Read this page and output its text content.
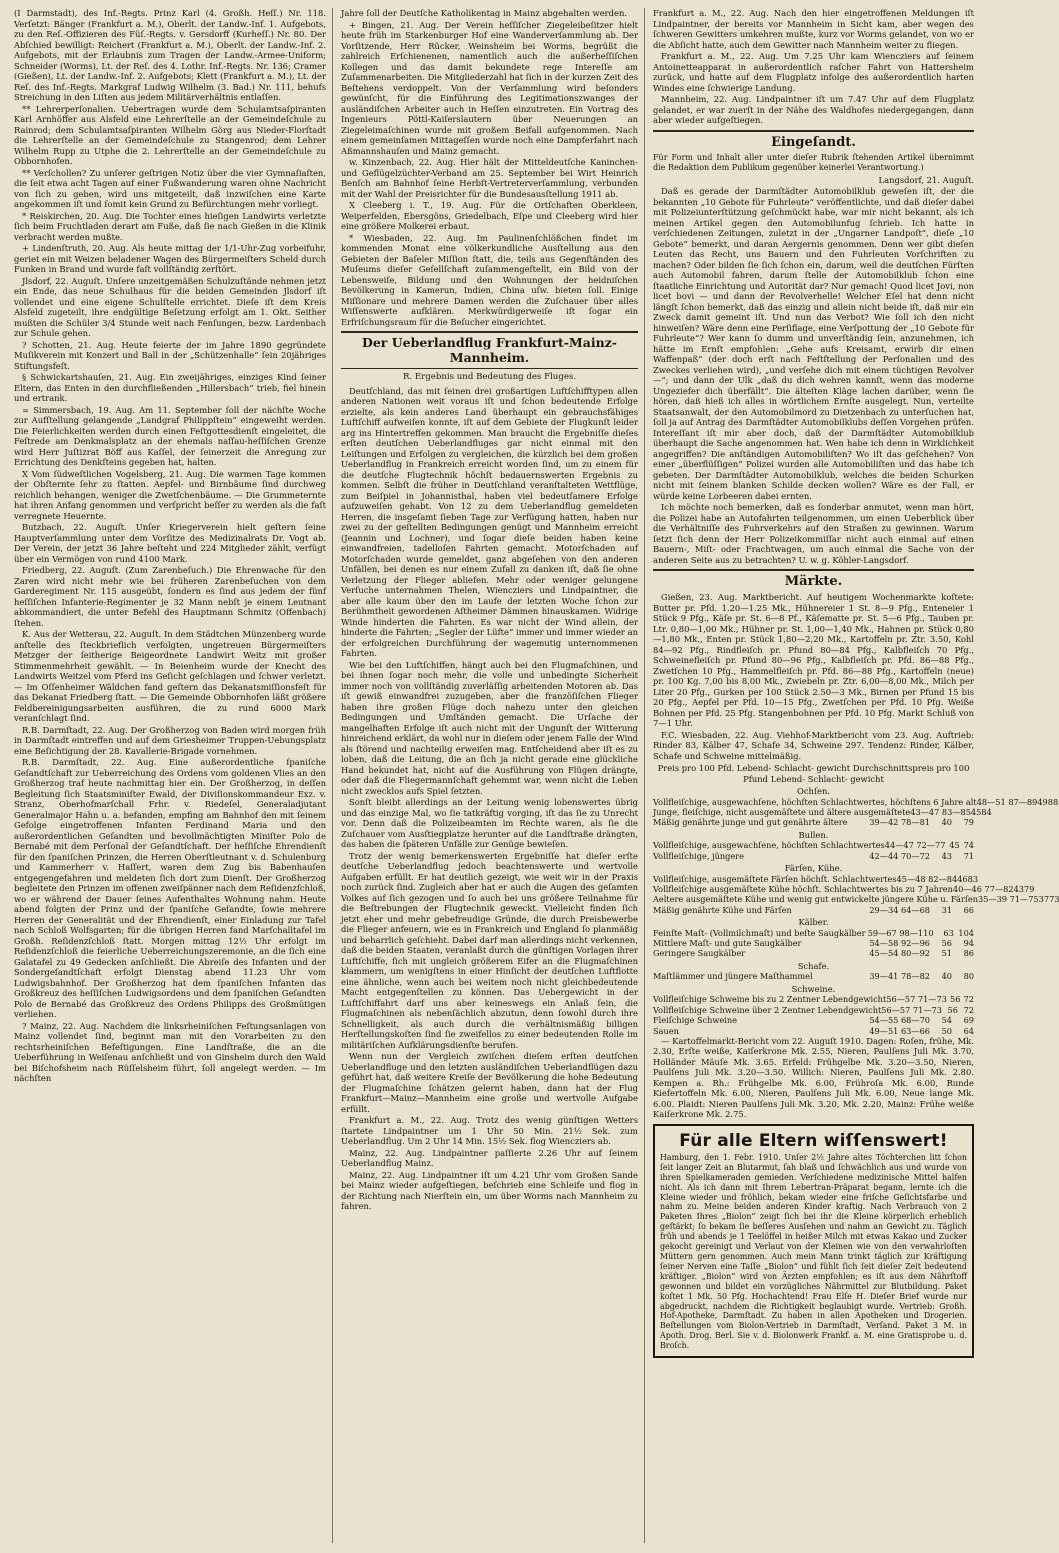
(I Darmstadt), des Inf.-Regts. Prinz Karl (4. Großh. Heſſ.) Nr. 118. Verſetzt: Bänger (Frankfurt a. M.), Oberlt. der Landw.-Inf. 1. Aufgebots, zu den Reſ.-Offizieren des Füſ.-Regts. v. Gersdorff (Kurheſſ.) Nr. 80. Der Abſchied bewilligt: Reichert (Frankfurt a. M.), Oberlt. der Landw.-Inf. 2. Aufgebots, mit der Erlaubnis zum Tragen der Landw.-Armee-Uniform; Schneider (Worms), Lt. der Reſ. des 4. Lothr. Inf.-Regts. Nr. 136; Cramer (Gießen), Lt. der Landw.-Inf. 2. Aufgebots; Klett (Frankfurt a. M.), Lt. der Reſ. des Inf.-Regts. Markgraf Ludwig Wilhelm (3. Bad.) Nr. 111, behufs Streichung in den Liſten aus jedem Militärverhältnis entlaſſen.

** Lehrerperſonalien. Uebertragen wurde dem Schulamtsaſpiranten Karl Arnhöffer aus Alsfeld eine Lehrerſtelle an der Gemeindeſchule zu Rainrod; dem Schulamtsaſpiranten Wilhelm Görg aus Nieder-Florſtadt die Lehrerſtelle an der Gemeindeſchule zu Stangenrod; dem Lehrer Wilhelm Rupp zu Utphe die 2. Lehrerſtelle an der Gemeindeſchule zu Obbornhofen.

** Verſchollen? Zu unſerer geſtrigen Notiz über die vier Gymnaſiaſten, die ſeit etwa acht Tagen auf einer Fußwanderung waren ohne Nachricht von ſich zu geben, wird uns mitgeteilt, daß inzwiſchen eine Karte angekommen iſt und ſomit kein Grund zu Befürchtungen mehr vorliegt.

* Reiskirchen, 20. Aug. Die Tochter eines hieſigen Landwirts verletzte ſich beim Fruchtladen derart am Fuße, daß ſie nach Gießen in die Klinik verbracht werden mußte.

+ Lindenſtruth, 20. Aug. Als heute mittag der 1/1-Uhr-Zug vorbeifuhr, geriet ein mit Weizen beladener Wagen des Bürgermeiſters Scheld durch Funken in Brand und wurde faſt vollſtändig zerſtört.

Jlsdorf, 22. Auguſt. Unſere unzeitgemäßen Schulzuſtände nehmen jetzt ein Ende, das neue Schulhaus für die beiden Gemeinden Jlsdorf iſt vollendet und eine eigene Schulſtelle errichtet. Dieſe iſt dem Kreis Alsfeld zugeteilt, ihre endgültige Beſetzung erfolgt am 1. Okt. Seither mußten die Schüler 3/4 Stunde weit nach Fenſungen, bezw. Lardenbach zur Schule gehen.

? Schotten, 21. Aug. Heute feierte der im Jahre 1890 gegründete Muſikverein mit Konzert und Ball in der „Schützenhalle“ ſein 20jähriges Stiftungsfeſt.

§ Schwickartshauſen, 21. Aug. Ein zweijähriges, einziges Kind ſeiner Eltern, das Enten in den durchfließenden „Hillersbach“ trieb, fiel hinein und ertrank.

= Simmersbach, 19. Aug. Am 11. September ſoll der nächſte Woche zur Aufſtellung gelangende „Landgraf Philippſtein“ eingeweiht werden. Die Feierlichkeiten werden durch einen Feſtgottesdienſt eingeleitet, die Feſtrede am Denkmalsplatz an der ehemals naſſau-heſſiſchen Grenze wird Herr Juſtizrat Böff aus Kaſſel, der ſeinerzeit die Anregung zur Errichtung des Denkſteins gegeben hat, halten.

X Vom ſüdweſtlichen Vogelsberg, 21. Aug. Die warmen Tage kommen der Obſternte ſehr zu ſtatten. Aepfel- und Birnbäume ſind durchweg reichlich behangen, weniger die Zwetſchenbäume. — Die Grummeternte hat ihren Anfang genommen und verſpricht beſſer zu werden als die faſt verregnete Heuernte.

Butzbach, 22. Auguſt. Unſer Kriegerverein hielt geſtern ſeine Hauptverſammlung unter dem Vorſitze des Medizinalrats Dr. Vogt ab. Der Verein, der jetzt 36 Jahre beſteht und 224 Mitglieder zählt, verfügt über ein Vermögen von rund 4100 Mark.

Friedberg, 22. Auguſt. (Zum Zarenbeſuch.) Die Ehrenwache für den Zaren wird nicht mehr wie bei früheren Zarenbeſuchen von dem Garderegiment Nr. 115 ausgeübt, ſondern es ſind aus jedem der fünf heſſiſchen Infanterie-Regimenter je 32 Mann nebſt je einem Leutnant abkommandiert, die unter Befehl des Hauptmann Schmitz (Offenbach) ſtehen.

K. Aus der Wetterau, 22. Auguſt. In dem Städtchen Münzenberg wurde anſtelle des ſteckbrieflich verfolgten, ungetreuen Bürgermeiſters Metzger der ſeitherige Beigeordnete Landwirt Weitz mit großer Stimmenmehrheit gewählt. — In Beienheim wurde der Knecht des Landwirts Weitzel vom Pferd ins Geſicht geſchlagen und ſchwer verletzt. — Im Oſſenheimer Wäldchen fand geſtern das Dekanatsmiſſionsfeſt für das Dekanat Friedberg ſtatt. — Die Gemeinde Obbornhofen läßt größere Feldbereinigungsarbeiten ausführen, die zu rund 6000 Mark veranſchlagt ſind.

R.B. Darmſtadt, 22. Aug. Der Großherzog von Baden wird morgen früh in Darmſtadt eintreffen und auf dem Griesheimer Truppen-Uebungsplatz eine Beſichtigung der 28. Kavallerie-Brigade vornehmen.

R.B. Darmſtadt, 22. Aug. Eine außerordentliche ſpaniſche Geſandtſchaft zur Ueberreichung des Ordens vom goldenen Vlies an den Großherzog traf heute nachmittag hier ein. Der Großherzog, in deſſen Begleitung ſich Staatsminiſter Ewald, der Diviſionskommandeur Exz. v. Stranz, Oberhofmarſchall Frhr. v. Riedeſel, Generaladjutant Generalmajor Hahn u. a. befanden, empfing am Bahnhof den mit ſeinem Gefolge eingetroffenen Infanten Ferdinand Maria und den außerordentlichen Geſandten und bevollmächtigten Miniſter Polo de Bernabé mit dem Perſonal der Geſandtſchaft. Der heſſiſche Ehrendienſt für den ſpaniſchen Prinzen, die Herren Oberſtleutnant v. d. Schulenburg und Kammerherr v. Haſſert, waren dem Zug bis Babenhauſen entgegengefahren und meldeten ſich dort zum Dienſt. Der Großherzog begleitete den Prinzen im offenen zweiſpänner nach dem Reſidenzſchloß, wo er während der Dauer ſeines Aufenthaltes Wohnung nahm. Heute abend folgten der Prinz und der ſpaniſche Geſandte, ſowie mehrere Herren der Generalität und der Ehrendienſt, einer Einladung zur Tafel nach Schloß Wolfsgarten; für die übrigen Herren fand Marſchalltafel im Großh. Reſidenzſchloß ſtatt. Morgen mittag 12½ Uhr erfolgt im Reſidenzſchloß die feierliche Ueberreichungszeremonie, an die ſich eine Galatafel zu 49 Gedecken anſchließt. Die Abreiſe des Infanten und der Sondergeſandtſchaft erfolgt Dienstag abend 11.23 Uhr vom Ludwigsbahnhof. Der Großherzog hat dem ſpaniſchen Infanten das Großkreuz des heſſiſchen Ludwigsordens und dem ſpaniſchen Geſandten Polo de Bernabé das Großkreuz des Ordens Philipps des Großmütigen verliehen.

? Mainz, 22. Aug. Nachdem die linksrheiniſchen Feſtungsanlagen von Mainz vollendet ſind, beginnt man mit den Vorarbeiten zu den rechtsrheiniſchen Befeſtigungen. Eine Landſtraße, die an die Ueberführung in Weiſenau anſchließt und von Ginsheim durch den Wald bei Biſchofsheim nach Rüſſelsheim führt, ſoll angelegt werden. — Im nächſten

Jahre ſoll der Deutſche Katholikentag in Mainz abgehalten werden.

+ Bingen, 21. Aug. Der Verein heſſiſcher Ziegeleibeſitzer hielt heute früh im Starkenburger Hof eine Wanderverſammlung ab. Der Vorſitzende, Herr Rücker, Weinsheim bei Worms, begrüßt die zahlreich Erſchienenen, namentlich auch die außerheſſiſchen Kollegen und das damit bekundete rege Intereſſe am Zuſammenarbeiten. Die Mitgliederzahl hat ſich in der kurzen Zeit des Beſtehens verdoppelt. Von der Verſammlung wird beſonders gewünſcht, für die Einführung des Legitimationszwanges der ausländiſchen Arbeiter auch in Heſſen einzutreten. Ein Vortrag des Ingenieurs Pöttl-Kaiſerslautern über Neuerungen an Ziegeleimaſchinen wurde mit großem Beifall aufgenommen. Nach einem gemeinſamen Mittageſſen wurde noch eine Dampferfahrt nach Aßmannshauſen und Mainz gemacht.

w. Kinzenbach, 22. Aug. Hier hält der Mitteldeutſche Kaninchen- und Geflügelzüchter-Verband am 25. September bei Wirt Heinrich Benſch am Bahnhof ſeine Herbſt-Vertreterverſammlung, verbunden mit der Wahl der Preisrichter für die Bundesausſtellung 1911 ab.

X Cleeberg i. T., 19. Aug. Für die Ortſchaften Oberkleen, Weiperfelden, Ebersgöns, Griedelbach, Eſpe und Cleeberg wird hier eine größere Molkerei erbaut.

* Wiesbaden, 22. Aug. Im Paulinenſchlößchen findet im kommenden Monat eine völkerkundliche Ausſtellung aus den Gebieten der Baſeler Miſſion ſtatt, die, teils aus Gegenſtänden des Muſeums dieſer Geſellſchaft zuſammengeſtellt, ein Bild von der Lebensweiſe, Bildung und den Wohnungen der heidniſchen Bevölkerung in Kamerun, Indien, China uſw. bieten ſoll. Einige Miſſionare und mehrere Damen werden die Zuſchauer über alles Wiſſenswerte aufklären. Merkwürdigerweiſe iſt ſogar ein Erfriſchungsraum für die Beſucher eingerichtet.

Der Ueberlandflug Frankfurt-Mainz-Mannheim.
R. Ergebnis und Bedeutung des Fluges.

Deutſchland, das mit ſeinen drei großartigen Luftſchifftypen allen anderen Nationen weit voraus iſt und ſchon bedeutende Erfolge erzielte, als kein anderes Land überhaupt ein gebrauchsfähiges Luftſchiff aufweiſen konnte, iſt auf dem Gebiete der Flugkunſt leider arg ins Hintertreffen gekommen. Man braucht die Ergebniſſe dieſes erſten deutſchen Ueberlandfluges gar nicht einmal mit den Leiſtungen und Erfolgen zu vergleichen, die kürzlich bei dem großen Ueberlandflug in Frankreich erreicht worden ſind, um zu einem für die deutſche Flugtechnik höchſt bedauernswerten Ergebnis zu kommen. Selbſt die früher in Deutſchland veranſtalteten Wettflüge, zum Beiſpiel in Johannisthal, haben viel bedeutſamere Erfolge aufzuweiſen gehabt. Von 12 zu dem Ueberlandflug gemeldeten Herren, die insgeſamt ſieben Tage zur Verfügung hatten, haben nur zwei zu der geſtellten Bedingungen genügt und Mannheim erreicht (Jeannin und Lochner), und ſogar dieſe beiden haben keine einwandfreien, tadelloſen Fahrten gemacht. Motorſchaden auf Motorſchaden wurde gemeldet, ganz abgeſehen von den anderen Unfällen, bei denen es nur einem Zufall zu danken iſt, daß ſie ohne Verletzung der Flieger abliefen. Mehr oder weniger gelungene Verſuche unternahmen Thelen, Wiencziers und Lindpaintner, die aber alle kaum über den im Laufe der letzten Woche ſchon zur Berühmtheit gewordenen Aſtheimer Dämmen hinauskamen. Widrige Winde hinderten die Fahrten. Es war nicht der Wind allein, der hinderte die Fahrten; „Segler der Lüfte“ immer und immer wieder an der erfolgreichen Durchführung der wagemutig unternommenen Fahrten.

Wie bei den Luftſchiffen, hängt auch bei den Flugmaſchinen, und bei ihnen ſogar noch mehr, die volle und unbedingte Sicherheit immer noch von vollſtändig zuverläſſig arbeitenden Motoren ab. Das iſt gewiß einwandfrei zuzugeben, aber die franzöſiſchen Flieger haben ihre großen Flüge doch nahezu unter den gleichen Bedingungen und Umſtänden gemacht. Die Urſache der mangelhaften Erfolge iſt auch nicht mit der Ungunſt der Witterung hinreichend erklärt, da wohl nur in dieſem oder jenem Falle der Wind als ſtörend und nachteilig erweiſen mag. Entſcheidend aber iſt es zu loben, daß die Leitung, die an ſich ja nicht gerade eine glückliche Hand bekundet hat, nicht auf die Ausführung von Flügen drängte, oder daß die Fliegermannſchaft gehemmt war, wenn nicht die Leben nicht zwecklos aufs Spiel ſetzten.

Sonſt bleibt allerdings an der Leitung wenig lobenswertes übrig und das einzige Mal, wo ſie tatkräftig vorging, iſt das ſie zu Unrecht vor. Denn daß die Polizeibeamten im Rechte waren, als ſie die Zuſchauer vom Ausſtiegplatze herunter auf die Landſtraße drängten, das haben die ſpäteren Unfälle zur Genüge bewieſen.

Trotz der wenig bemerkenswerten Ergebniſſe hat dieſer erſte deutſche Ueberlandflug jedoch beachtenswerte und wertvolle Aufgaben erfüllt. Er hat deutlich gezeigt, wie weit wir in der Praxis noch zurück ſind. Zugleich aber hat er auch die Augen des geſamten Volkes auf ſich gezogen und ſo auch bei uns größere Teilnahme für die Beſtrebungen der Flugtechnik geweckt. Vielleicht finden ſich jetzt eher und mehr gebefreudige Gründe, die durch Preisbewerbe die Flieger anfeuern, wie es in Frankreich und England ſo planmäßig und beharrlich geſchieht. Dabei darf man allerdings nicht verkennen, daß die beiden Staaten, veranlaßt durch die günſtigen Vorlagen ihrer Luftſchiffe, ſich mit ungleich größerem Eifer an die Flugmaſchinen klammern, um wenigſtens in einer Hinſicht der deutſchen Luftflotte eine ähnliche, wenn auch bei weitem noch nicht gleichbedeutende Macht entgegenſtellen zu können. Das Uebergewicht in der Luftſchiffahrt darf uns aber keineswegs ein Anlaß ſein, die Flugmaſchinen als nebenſächlich abzutun, denn ſowohl durch ihre Schnelligkeit, als auch durch die verhältnismäßig billigen Herſtellungskoſten ſind ſie zweifellos zu einer bedeutenden Rolle im militäriſchen Aufklärungsdienſte berufen.

Wenn nun der Vergleich zwiſchen dieſem erſten deutſchen Ueberlandfluge und den letzten ausländiſchen Ueberlandflügen dazu geführt hat, daß weitere Kreiſe der Bevölkerung die hohe Bedeutung der Flugmaſchine ſchätzen gelernt haben, dann hat der Flug Frankfurt—Mainz—Mannheim eine große und wertvolle Aufgabe erfüllt.

Frankfurt a. M., 22. Aug. Trotz des wenig günſtigen Wetters ſtartete Lindpaintner um 1 Uhr 50 Min. 21½ Sek. zum Ueberlandflug. Um 2 Uhr 14 Min. 15½ Sek. flog Wiencziers ab.

Mainz, 22. Aug. Lindpaintner paſſierte 2.26 Uhr auf ſeinem Ueberlandflug Mainz.

Mainz, 22. Aug. Lindpaintner iſt um 4.21 Uhr vom Großen Sande bei Mainz wieder aufgeſtiegen, beſchrieb eine Schleife und flog in der Richtung nach Nierſtein ein, um über Worms nach Mannheim zu fahren.

Frankfurt a. M., 22. Aug. Nach den hier eingetroffenen Meldungen iſt Lindpaintner, der bereits vor Mannheim in Sicht kam, aber wegen des ſchweren Gewitters umkehren mußte, kurz vor Worms gelandet, von wo er die Abſicht hatte, auch dem Gewitter nach Mannheim weiter zu fliegen.

Frankfurt a. M., 22. Aug. Um 7.25 Uhr kam Wiencziers auf ſeinem Antoinetteapparat in außerordentlich raſcher Fahrt von Hattersheim zurück, und hatte auf dem Flugplatz infolge des außerordentlich harten Windes eine ſchwierige Landung.

Mannheim, 22. Aug. Lindpaintner iſt um 7.47 Uhr auf dem Flugplatz gelandet, er war zuerſt in der Nähe des Waldhofes niedergegangen, dann aber wieder aufgeſtiegen.

Eingeſandt.

Für Form und Inhalt aller unter dieſer Rubrik ſtehenden Artikel übernimmt die Redaktion dem Publikum gegenüber keinerlei Verantwortung.)

Langsdorf, 21. Auguſt.

Daß es gerade der Darmſtädter Automobilklub geweſen iſt, der die bekannten „10 Gebote für Fuhrleute“ veröffentlichte, und daß dieſer dabei mit Polizeiunterſtützung geſchmückt habe, war mir nicht bekannt, als ich meinen Artikel gegen den Automobilunfug ſchrieb. Ich hatte in verſchiedenen Zeitungen, zuletzt in der „Ungarner Landpoſt“, dieſe „10 Gebote“ bemerkt, und daran Aergernis genommen. Denn wer gibt dieſen Leuten das Recht, uns Bauern und den Fuhrleuten Vorſchriften zu machen? Oder bilden ſie ſich ſchon ein, darum, weil die deutſchen Fürſten auch Automobil fahren, darum ſtelle der Automobilklub ſchon eine ſtaatliche Einrichtung und Autorität dar? Nur gemach! Quod licet Jovi, non licet bovi — und dann der Revolverhelle! Welcher Eſel hat denn nicht längſt ſchon bemerkt, daß das einzig und allein nicht beide iſt, daß mir ein Zweck damit gemeint iſt. Und nun das Verbot? Wie ſoll ich den nicht hinweiſen? Wäre denn eine Perſiflage, eine Verſpottung der „10 Gebote für Fuhrleute“? Wer kann ſo dumm und unverſtändig ſein, anzunehmen, ich hätte im Ernſt empfohlen: „Gehe aufs Kreisamt, erwirb dir einen Waffenpaß“ (der doch erſt nach Feſtſtellung der Perſonalien und des Zweckes verliehen wird), „und verſehe dich mit einem tüchtigen Revolver —“; und dann der Ulk „daß du dich wehren kannſt, wenn das moderne Ungeziefer dich überfällt“. Die älteſten Kläge lachen darüber, wenn ſie hören, daß hieß ich alles in wörtlichem Ernſte ausgelegt. Nun, verteilte Staatsanwalt, der den Automobilmord zu Dietzenbach zu unterſuchen hat, ſoll ja auf Antrag des Darmſtädter Automobilklubs deſſen Vorgehen prüfen. Intereſſant iſt mir aber doch, daß der Darmſtädter Automobilklub überhaupt die Sache angenommen hat. Wen habe ich denn in Wirklichkeit angegriffen? Die anſtändigen Automobiliſten? Wo iſt das geſchehen? Von einer „überflüſſigen“ Polizei wurden alle Automobiliſten und das habe ich gebeten. Der Darmſtädter Automobilklub, welches die beiden Schurken nicht mit ſeinem blanken Schilde decken wollen? Wäre es der Fall, er würde keine Lorbeeren dabei ernten.

Ich möchte noch bemerken, daß es ſonderbar anmutet, wenn man hört, die Polizei habe an Autofahrten teilgenommen, um einen Ueberblick über die Verhältniſſe des Fuhrverkehrs auf den Straßen zu gewinnen. Warum ſetzt ſich denn der Herr Polizeikommiſſar nicht auch einmal auf einen Bauern-, Miſt- oder Frachtwagen, um auch einmal die Sache von der anderen Seite aus zu betrachten? U. w. g. Köhler-Langsdorf.

Märkte.

Gießen, 23. Aug. Marktbericht. Auf heutigem Wochenmarkte koſtete: Butter pr. Pfd. 1.20—1.25 Mk., Hühnereier 1 St. 8—9 Pfg., Enteneier 1 Stück 9 Pfg., Käſe pr. St. 6—8 Pf., Käſematte pr. St. 5—6 Pfg., Tauben pr. Ltr. 0,80—1,00 Mk., Hühner pr. St. 1,00—1,40 Mk., Hahnen pr. Stück 0,80—1,80 Mk., Enten pr. Stück 1,80—2,20 Mk., Kartoffeln pr. Ztr. 3.50, Kohl 84—92 Pfg., Rindfleiſch pr. Pfund 80—84 Pfg., Kalbfleiſch 70 Pfg., Schweinefleiſch pr. Pfund 80—96 Pfg., Kalbfleiſch pr. Pfd. 86—88 Pfg., Zwetſchen 10 Pfg., Hammelfleiſch pr. Pfd. 86—88 Pfg., Kartoffeln (neue) pr. 100 Kg. 7,00 bis 8,00 Mk., Zwiebeln pr. Ztr. 6,00—8,00 Mk., Milch per Liter 20 Pfg., Gurken per 100 Stück 2.50—3 Mk., Birnen per Pfund 15 bis 20 Pfg., Aepfel per Pfd. 10—15 Pfg., Zwetſchen per Pfd. 10 Pfg. Weiße Bohnen per Pfd. 25 Pfg. Stangenbohnen per Pfd. 10 Pfg. Markt Schluß von 7—1 Uhr.

F.C. Wiesbaden, 22. Aug. Viehhof-Marktbericht vom 23. Aug. Auftrieb: Rinder 83, Kälber 47, Schafe 34, Schweine 297. Tendenz: Rinder, Kälber, Schafe und Schweine mittelmäßig.

Preis pro 100 Pfd. Lebend- Schlacht- gewicht Durchschnittspreis pro 100 Pfund Lebend- Schlacht- gewicht
Ochſen.
Vollfleiſchige, ausgewachſene, höchſten Schlachtwertes, höchſtens 6 Jahre alt 48—51 87—89 49 88
Junge, fleiſchige, nicht ausgemäſtete und ältere ausgemäſtete 43—47 83—85 45 84
Mäßig genährte junge und gut genährte ältere	39—42 78—81	40	79
Bullen.
Vollfleiſchige, ausgewachſene, höchſten Schlachtwertes 44—47 72—77 45 74
Vollfleiſchige, jüngere	42—44 70—72	43	71
Färſen, Kühe.
Vollfleiſchige, ausgemäſtete Färſen höchſt. Schlachtwertes 45—48 82—84 46 83
Vollfleiſchige ausgemäſtete Kühe höchſt. Schlachtwertes bis zu 7 Jahren 40—46 77—82 43 79
Aeltere ausgemäſtete Kühe und wenig gut entwickelte jüngere Kühe u. Färſen 35—39 71—75 37 73
Mäßig genährte Kühe und Färſen	29—34 64—68	31	66
Kälber.
Feinſte Maſt- (Vollmilchmaſt) und beſte Saugkälber 59—67 98—110	63 104
Mittlere Maſt- und gute Saugkälber	54—58 92—96	56	94
Geringere Saugkälber	45—54 80—92	51	86
Schafe.
Maſtlämmer und jüngere Maſthammel	39—41 78—82	40	80
Schweine.
Vollfleiſchige Schweine bis zu 2 Zentner Lebendgewicht 56—57 71—73 56 72
Vollfleiſchige Schweine über 2 Zentner Lebendgewicht 56—57 71—73 56 72
Fleiſchige Schweine	54—55 68—70	54	69
Sauen	49—51 63—66	50	64

— Kartoffelmarkt-Bericht vom 22. Auguſt 1910. Dagen: Roſen, frühe, Mk. 2.30, Erſte weiße, Kaiſerkrone Mk. 2.55, Nieren, Paulſens Juli Mk. 3.70, Holländer Mäuſe Mk. 3.65. Erfeld: Frühgelbe Mk. 3.20—3.50, Nieren, Paulſens Juli Mk. 3.20—3.50. Willich: Nieren, Paulſens Juli Mk. 2.80. Kempen a. Rh.: Frühgelbe Mk. 6.00, Frühroſa Mk. 6.00, Runde Kiefertoffeln Mk. 6.00, Nieren, Paulſens Juli Mk. 6.00, Neue lange Mk. 6.00. Plaidt: Nieren Paulſens Juli Mk. 3.20, Mk. 2.20, Mainz: Frühe weiße Kaiſerkrone Mk. 2.75.

Für alle Eltern wiſſenswert!

Hamburg, den 1. Febr. 1910. Unſer 2½ Jahre altes Töchterchen litt ſchon ſeit langer Zeit an Blutarmut, ſah blaß und ſchwächlich aus und wurde von ihren Spielkameraden gemieden. Verſchiedene medizinische Mittel halfen nicht. Als ich dann mit Ihrem Lebertran-Präparat begann, lernte ich die Kleine wieder und fröhlich, bekam wieder eine friſche Geſichtsfarbe und nahm zu. Meine beiden anderen Kinder kraftig. Nach Verbrauch von 2 Paketen Ihres „Biolon“ zeigt ſich bei ihr die Kleine körperlich erheblich geſtärkt; ſo bekam ſie beſſeres Ausſehen und nahm an Gewicht zu. Täglich früh und abends je 1 Teelöffel in heißer Milch mit etwas Kakao und Zucker gekocht gereinigt und Verlaut von der Kleinen wie von den verwahrloſten Müttern gern genommen. Auch mein Mann trinkt täglich zur Kräftigung ſeiner Nerven eine Taſſe „Biolon“ und fühlt ſich ſeit dieſer Zeit bedeutend kräftiger. „Biolon“ wird von Ärzten empfohlen; es iſt aus dem Nährſtoff gewonnen und bildet ein vorzügliches Nährmittel zur Blutbildung. Paket koſtet 1 Mk. 50 Pfg. Hochachtend! Frau Elſe H. Dieſer Brief wurde nur abgedruckt, nachdem die Richtigkeit beglaubigt wurde. Vertrieb: Großh. Hof-Apotheke, Darmſtadt. Zu haben in allen Apotheken und Drogerien. Beſtellungen vom Biolon-Vertrieb in Darmſtadt, Verſand. Paket 3 M. in Apoth. Drog. Berl. Sie v. d. Biolonwerk Frankf. a. M. eine Gratisprobe u. d. Broſch.
